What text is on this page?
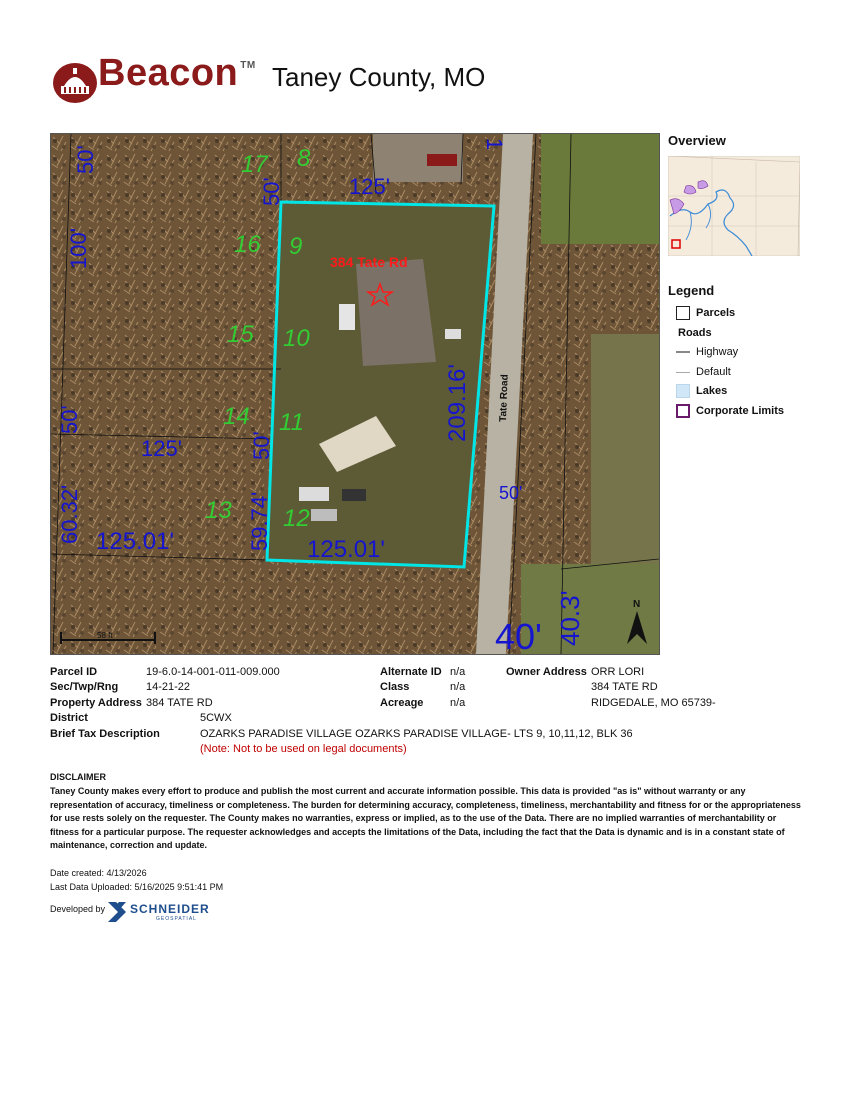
Beacon ™ Taney County, MO
50'
100'
50'
125'
60.32' 125.01'
125'
50'
50'
59.74' 125.01'
209.16'
50'
40.3'
40'
1
17 8
16 9
15 10
14 11
13 12
384 Tate Rd
Tate Road
58 ft
N
Overview
Legend
Parcels
Roads
Highway
Default
Lakes
Corporate Limits
Parcel ID	19-6.0-14-001-011-009.000
Sec/Twp/Rng	14-21-22
Property Address 384 TATE RD
District	5CWX
Brief Tax Description	OZARKS PARADISE VILLAGE OZARKS PARADISE VILLAGE- LTS 9, 10,11,12, BLK 36
(Note: Not to be used on legal documents)
Alternate ID n/a
Class	n/a
Acreage n/a
Owner Address ORR LORI
384 TATE RD
RIDGEDALE, MO 65739-
DISCLAIMER
Taney County makes every effort to produce and publish the most current and accurate information possible. This data is provided "as is" without warranty or any representation of accuracy, timeliness or completeness. The burden for determining accuracy, completeness, timeliness, merchantability and fitness for or the appropriateness for use rests solely on the requester. The County makes no warranties, express or implied, as to the use of the Data. There are no implied warranties of merchantability or fitness for a particular purpose. The requester acknowledges and accepts the limitations of the Data, including the fact that the Data is dynamic and is in a constant state of maintenance, correction and update.
Date created: 4/13/2026
Last Data Uploaded: 5/16/2025 9:51:41 PM
Developed by SCHNEIDER
GEOSPATIAL
